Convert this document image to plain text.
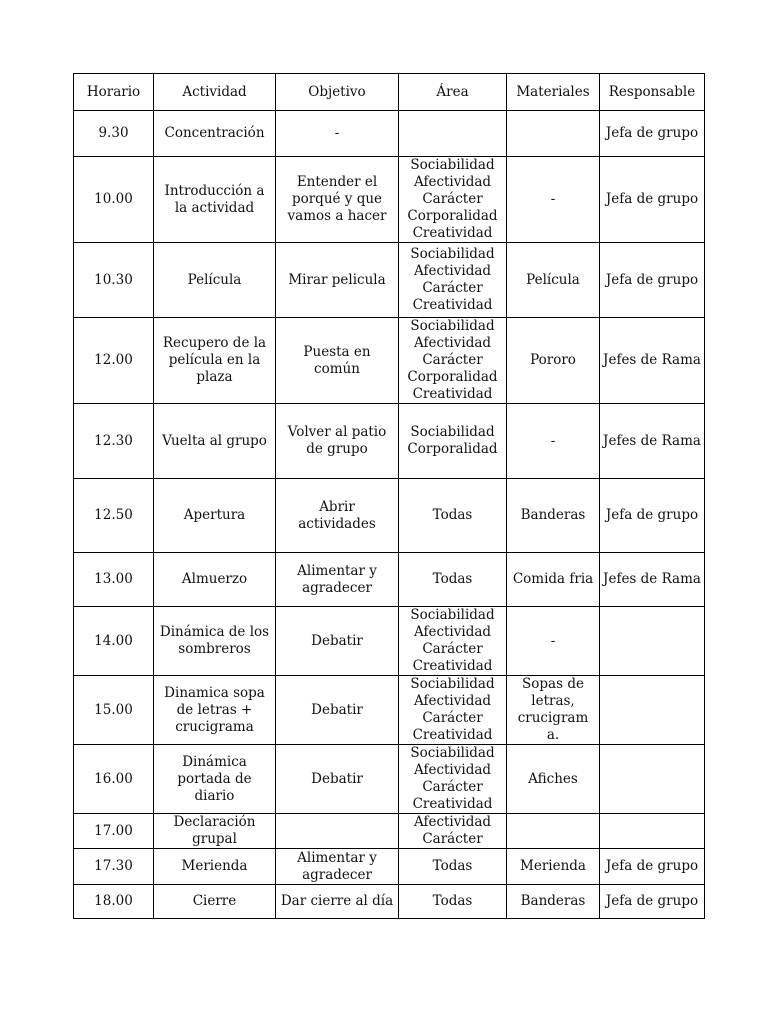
Horario	Actividad	Objetivo	Área	Materiales	Responsable

9.30	Concentración	-			Jefa de grupo

10.00	Introducción a la actividad	Entender el porqué y que vamos a hacer	Sociabilidad
Afectividad
Carácter
Corporalidad
Creatividad	-	Jefa de grupo

10.30	Película	Mirar pelicula	Sociabilidad
Afectividad
Carácter
Creatividad	Película	Jefa de grupo

12.00	Recupero de la película en la plaza	Puesta en común	Sociabilidad
Afectividad
Carácter
Corporalidad
Creatividad	Pororo	Jefes de Rama

12.30	Vuelta al grupo	Volver al patio de grupo	Sociabilidad
Corporalidad	-	Jefes de Rama

12.50	Apertura	Abrir actividades	Todas	Banderas	Jefa de grupo

13.00	Almuerzo	Alimentar y agradecer	Todas	Comida fria	Jefes de Rama

14.00	Dinámica de los sombreros	Debatir	Sociabilidad
Afectividad
Carácter
Creatividad	-	

15.00	Dinamica sopa de letras + crucigrama	Debatir	Sociabilidad
Afectividad
Carácter
Creatividad	Sopas de letras, crucigram a.	

16.00	Dinámica portada de diario	Debatir	Sociabilidad
Afectividad
Carácter
Creatividad	Afiches	

17.00	Declaración grupal		Afectividad
Carácter		

17.30	Merienda	Alimentar y agradecer	Todas	Merienda	Jefa de grupo

18.00	Cierre	Dar cierre al día	Todas	Banderas	Jefa de grupo
